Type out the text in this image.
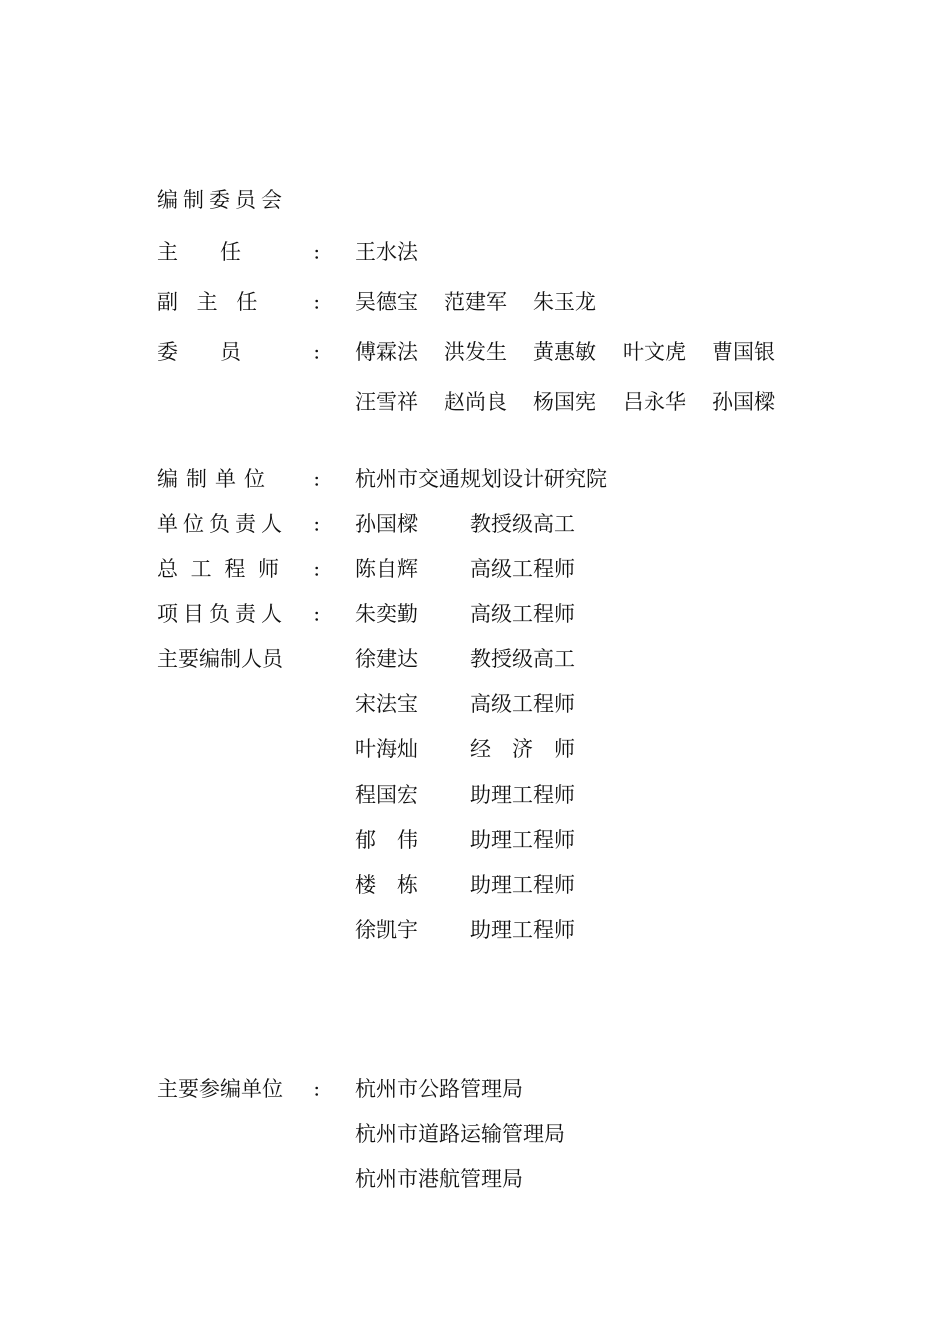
编制委员会
主　　任	： 王水法
副 主 任	： 吴德宝 范建军 朱玉龙
委　　员	： 傅霖法 洪发生 黄惠敏 叶文虎 曹国银
汪雪祥 赵尚良 杨国宪 吕永华 孙国樑
编制单位	： 杭州市交通规划设计研究院
单位负责人 ： 孙国樑 教授级高工
总 工 程 师 ： 陈自辉 高级工程师
项目负责人 ： 朱奕勤 高级工程师
主要编制人员	徐建达 教授级高工
宋法宝 高级工程师
叶海灿 经　济　师
程国宏 助理工程师
郁　伟 助理工程师
楼　栋 助理工程师
徐凯宇 助理工程师
主要参编单位 ： 杭州市公路管理局
杭州市道路运输管理局
杭州市港航管理局
